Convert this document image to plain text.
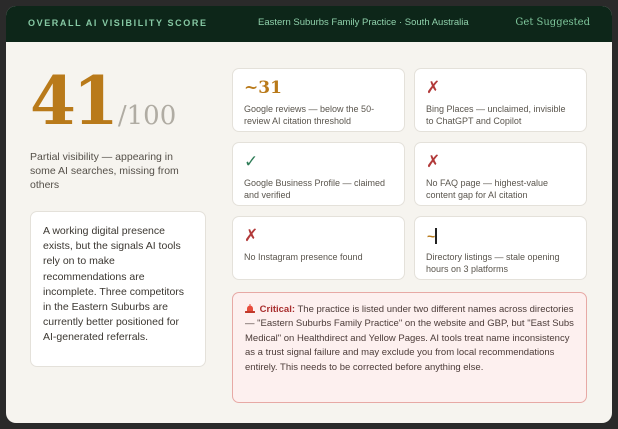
OVERALL AI VISIBILITY SCORE	Eastern Suburbs Family Practice · South Australia	Get Suggested
41 /100
Partial visibility — appearing in some AI searches, missing from others
A working digital presence exists, but the signals AI tools rely on to make recommendations are incomplete. Three competitors in the Eastern Suburbs are currently better positioned for AI-generated referrals.
~31
Google reviews — below the 50-review AI citation threshold
✗
Bing Places — unclaimed, invisible to ChatGPT and Copilot
✓
Google Business Profile — claimed and verified
✗
No FAQ page — highest-value content gap for AI citation
✗
No Instagram presence found
~
Directory listings — stale opening hours on 3 platforms
Critical: The practice is listed under two different names across directories — "Eastern Suburbs Family Practice" on the website and GBP, but "East Subs Medical" on Healthdirect and Yellow Pages. AI tools treat name inconsistency as a trust signal failure and may exclude you from local recommendations entirely. This needs to be corrected before anything else.
